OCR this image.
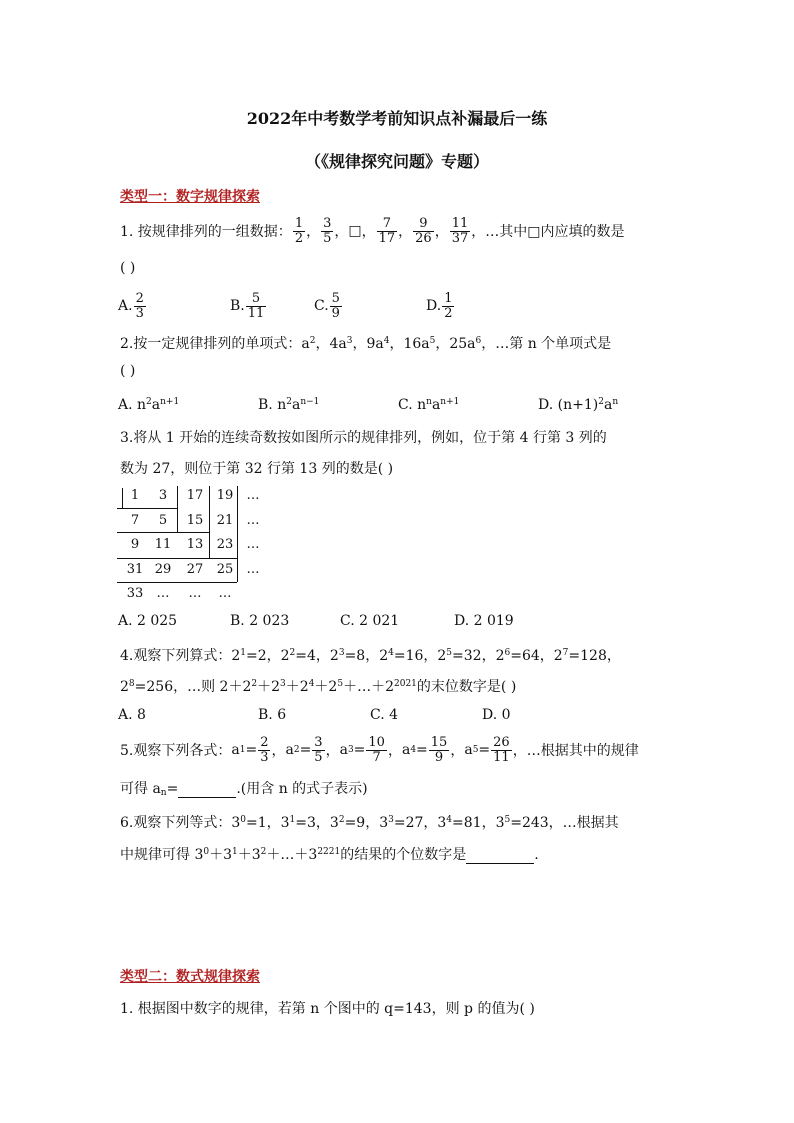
2022年中考数学考前知识点补漏最后一练
（《规律探究问题》专题）
类型一：数字规律探索
1. 按规律排列的一组数据： $\frac{1}{2}$ ， $\frac{3}{5}$ ， □ ， $\frac{7}{17}$ ， $\frac{9}{26}$ ， $\frac{11}{37}$ ，…其中□内应填的数是
( )
A. $\frac{2}{3}$	B. $\frac{5}{11}$	C. $\frac{5}{9}$	D. $\frac{1}{2}$
2.按一定规律排列的单项式：$a^2$，$4a^3$，$9a^4$，$16a^5$，$25a^6$，…第 n 个单项式是
( )
A. $n^2a^{n+1}$	B. $n^2a^{n-1}$	C. $n^na^{n+1}$	D. $(n+1)^2a^n$
3.将从 1 开始的连续奇数按如图所示的规律排列，例如，位于第 4 行第 3 列的
数为 27，则位于第 32 行第 13 列的数是( )
1	3	17	19	…
7	5	15	21	…
9	11	13	23	…
31 29	27	25	…
33	…	…	…
A. 2 025	B. 2 023	C. 2 021	D. 2 019
4.观察下列算式：$2^1=2$，$2^2=4$，$2^3=8$，$2^4=16$，$2^5=32$，$2^6=64$，$2^7=128$，
$2^8=256$，…则 $2+2^2+2^3+2^4+2^5+\dots+2^{2021}$的末位数字是( )
A. 8	B. 6	C. 4	D. 0
5.观察下列各式： a $1 = \frac{2}{3}$ ， a $2 = \frac{3}{5}$ ， a $3 = \frac{10}{7}$ ， a $4 = \frac{15}{9}$ ， a $5 = \frac{26}{11}$ ，…根据其中的规律
可得 $a_n=$	.(用含 n 的式子表示)
6.观察下列等式：$3^0=1$，$3^1=3$，$3^2=9$，$3^3=27$，$3^4=81$，$3^5=243$，…根据其
中规律可得 $3^0+3^1+3^2+\dots+3^{2221}$的结果的个位数字是	.
类型二：数式规律探索
1. 根据图中数字的规律，若第 n 个图中的 q=143，则 p 的值为( )
